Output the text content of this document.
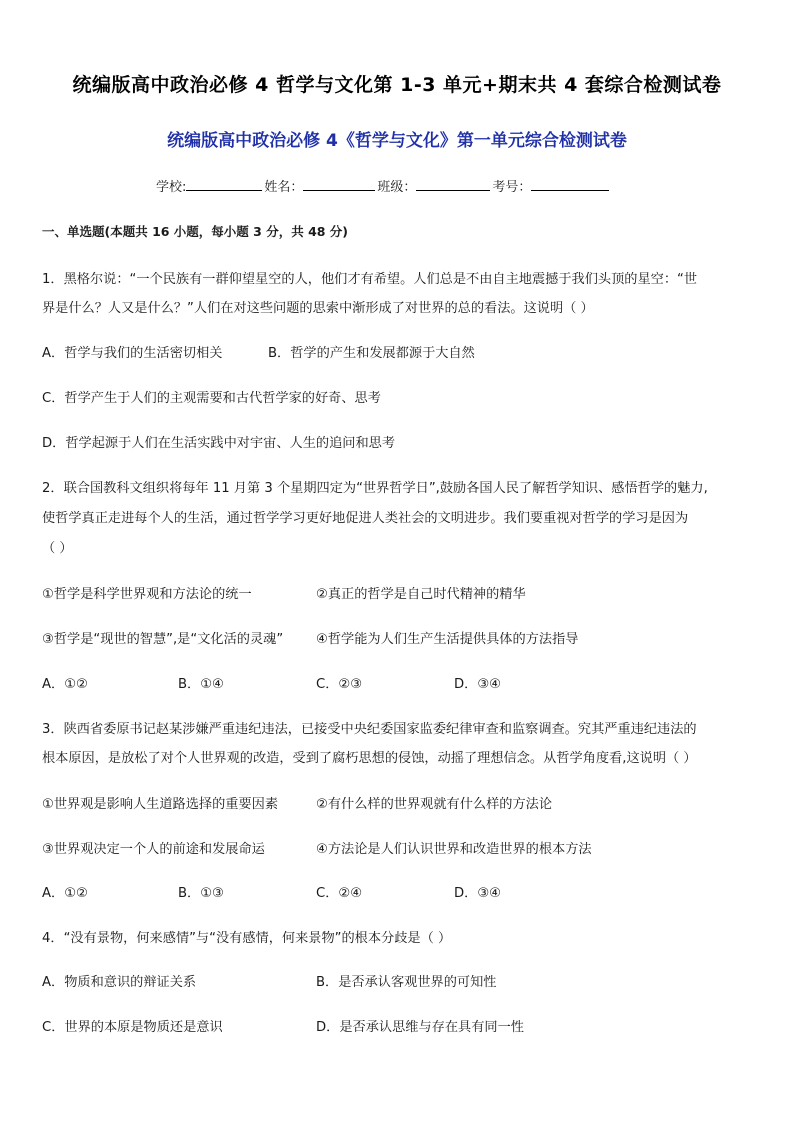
统编版高中政治必修 4 哲学与文化第 1-3 单元+期末共 4 套综合检测试卷
统编版高中政治必修 4《哲学与文化》第一单元综合检测试卷
学校:	姓名：	班级：	考号：
一、单选题(本题共 16 小题，每小题 3 分，共 48 分)
1．黑格尔说：“一个民族有一群仰望星空的人，他们才有希望。人们总是不由自主地震撼于我们头顶的星空：“世
界是什么？人又是什么？”人们在对这些问题的思索中渐形成了对世界的总的看法。这说明（ ）
A．哲学与我们的生活密切相关	B．哲学的产生和发展都源于大自然
C．哲学产生于人们的主观需要和古代哲学家的好奇、思考
D．哲学起源于人们在生活实践中对宇宙、人生的追问和思考
2．联合国教科文组织将每年 11 月第 3 个星期四定为“世界哲学日”,鼓励各国人民了解哲学知识、感悟哲学的魅力,
使哲学真正走进每个人的生活，通过哲学学习更好地促进人类社会的文明进步。我们要重视对哲学的学习是因为
（ ）
①哲学是科学世界观和方法论的统一	②真正的哲学是自己时代精神的精华
③哲学是“现世的智慧”,是“文化活的灵魂” ④哲学能为人们生产生活提供具体的方法指导
A．①②	B．①④	C．②③	D．③④
3．陕西省委原书记赵某涉嫌严重违纪违法，已接受中央纪委国家监委纪律审查和监察调查。究其严重违纪违法的
根本原因，是放松了对个人世界观的改造，受到了腐朽思想的侵蚀，动摇了理想信念。从哲学角度看,这说明（ ）
①世界观是影响人生道路选择的重要因素	②有什么样的世界观就有什么样的方法论
③世界观决定一个人的前途和发展命运	④方法论是人们认识世界和改造世界的根本方法
A．①②	B．①③	C．②④	D．③④
4．“没有景物，何来感情”与“没有感情，何来景物”的根本分歧是（ ）
A．物质和意识的辩证关系	B．是否承认客观世界的可知性
C．世界的本原是物质还是意识	D．是否承认思维与存在具有同一性
